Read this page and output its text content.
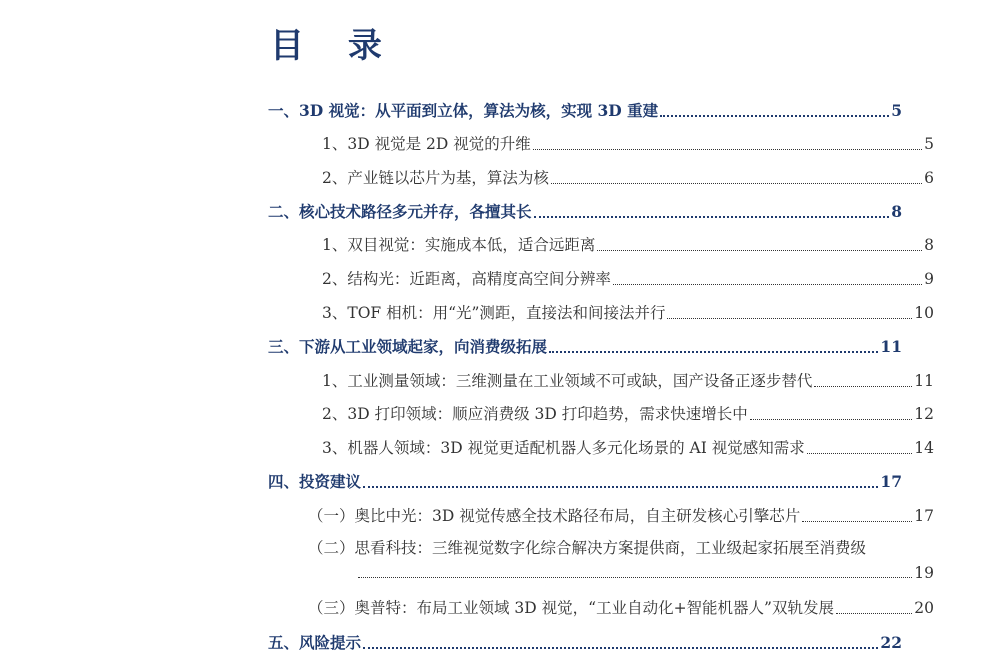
目 录
一、3D 视觉：从平面到立体，算法为核，实现 3D 重建	5
1、3D 视觉是 2D 视觉的升维	5
2、产业链以芯片为基，算法为核	6
二、核心技术路径多元并存，各擅其长	8
1、双目视觉：实施成本低，适合远距离	8
2、结构光：近距离，高精度高空间分辨率	9
3、TOF 相机：用“光”测距，直接法和间接法并行	10
三、下游从工业领域起家，向消费级拓展	11
1、工业测量领域：三维测量在工业领域不可或缺，国产设备正逐步替代	11
2、3D 打印领域：顺应消费级 3D 打印趋势，需求快速增长中	12
3、机器人领域：3D 视觉更适配机器人多元化场景的 AI 视觉感知需求	14
四、投资建议	17
（一）奥比中光：3D 视觉传感全技术路径布局，自主研发核心引擎芯片	17
（二）思看科技：三维视觉数字化综合解决方案提供商，工业级起家拓展至消费级
19
（三）奥普特：布局工业领域 3D 视觉，“工业自动化+智能机器人”双轨发展	20
五、风险提示	22
